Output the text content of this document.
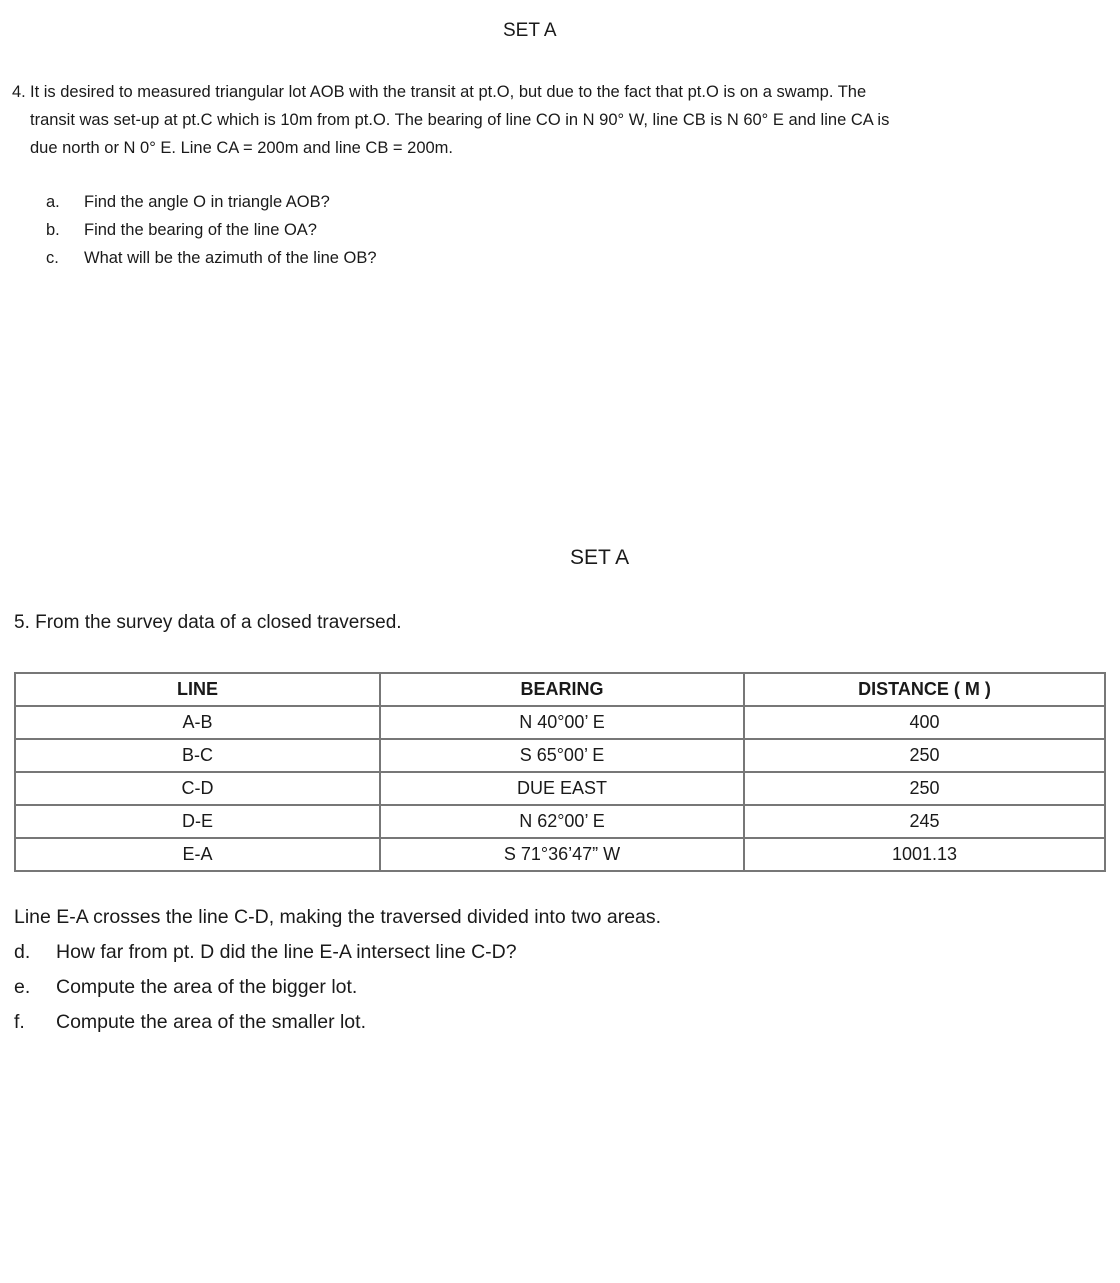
SET A
4. It is desired to measured triangular lot AOB with the transit at pt.O, but due to the fact that pt.O is on a swamp. The
transit was set-up at pt.C which is 10m from pt.O. The bearing of line CO in N 90° W, line CB is N 60° E and line CA is
due north or N 0° E. Line CA = 200m and line CB = 200m.
a. Find the angle O in triangle AOB?
b. Find the bearing of the line OA?
c. What will be the azimuth of the line OB?
SET A
5. From the survey data of a closed traversed.
LINE	BEARING	DISTANCE ( M )
A-B	N 40°00’ E	400
B-C	S 65°00’ E	250
C-D	DUE EAST	250
D-E	N 62°00’ E	245
E-A	S 71°36’47” W	1001.13
Line E-A crosses the line C-D, making the traversed divided into two areas.
d. How far from pt. D did the line E-A intersect line C-D?
e. Compute the area of the bigger lot.
f. Compute the area of the smaller lot.
